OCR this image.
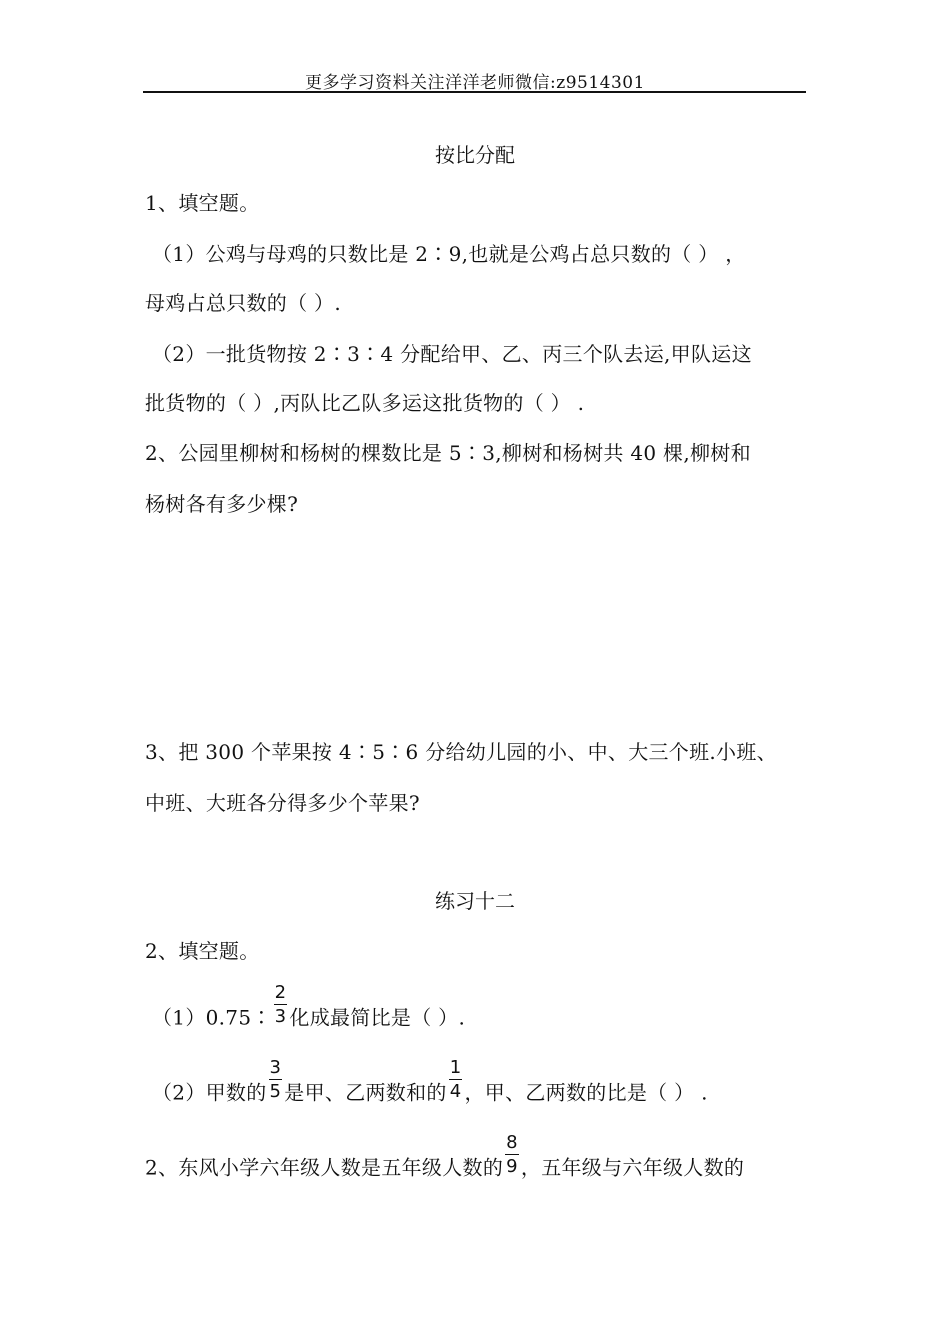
更多学习资料关注洋洋老师微信:z9514301
按比分配
1、填空题。
（1）公鸡与母鸡的只数比是 2∶9,也就是公鸡占总只数的（ ） ，
母鸡占总只数的（ ）.
（2）一批货物按 2∶3∶4 分配给甲、乙、丙三个队去运,甲队运这
批货物的（ ）,丙队比乙队多运这批货物的（ ） .
2、公园里柳树和杨树的棵数比是 5∶3,柳树和杨树共 40 棵,柳树和
杨树各有多少棵?
3、把 300 个苹果按 4∶5∶6 分给幼儿园的小、中、大三个班.小班、
中班、大班各分得多少个苹果?
练习十二
2、填空题。
（1）0.75∶ $\frac{2}{3}$ 化成最简比是（ ）.
（2）甲数的 $\frac{3}{5}$ 是甲、乙两数和的 $\frac{1}{4}$ ，甲、乙两数的比是（ ） .
2、东风小学六年级人数是五年级人数的 $\frac{8}{9}$ ，五年级与六年级人数的
